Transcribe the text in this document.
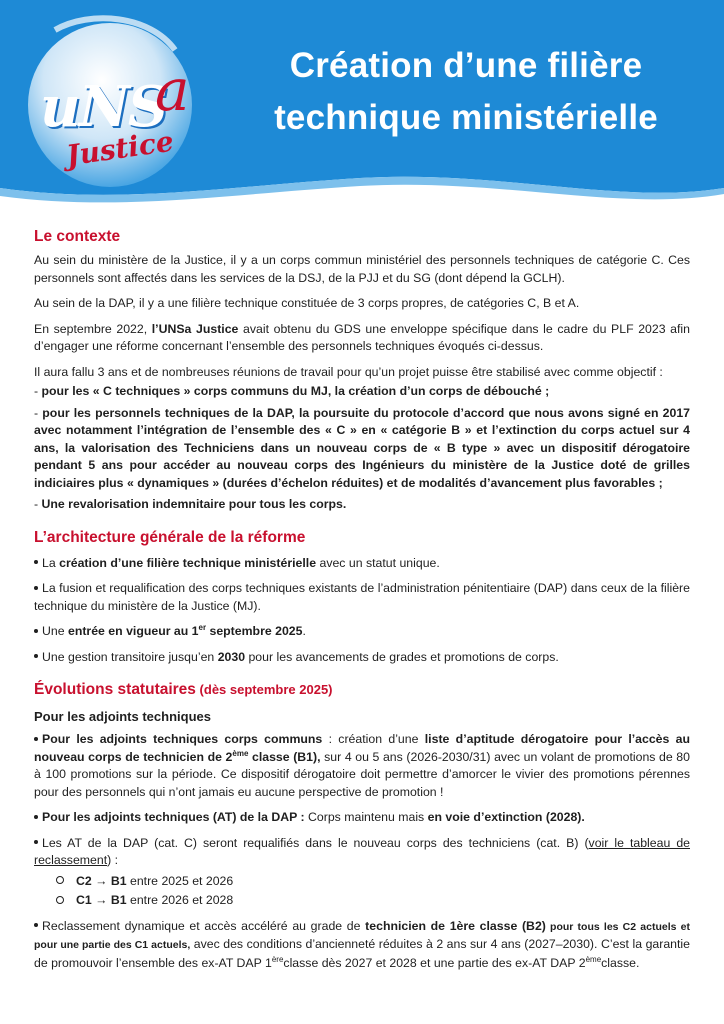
uNS
a
Justice
Création d’une filière
technique ministérielle
Le contexte

Au sein du ministère de la Justice, il y a un corps commun ministériel des personnels techniques de catégorie C. Ces personnels sont affectés dans les services de la DSJ, de la PJJ et du SG (dont dépend la GCLH).

Au sein de la DAP, il y a une filière technique constituée de 3 corps propres, de catégories C, B et A.

En septembre 2022, l’UNSa Justice avait obtenu du GDS une enveloppe spécifique dans le cadre du PLF 2023 afin d’engager une réforme concernant l’ensemble des personnels techniques évoqués ci-dessus.

Il aura fallu 3 ans et de nombreuses réunions de travail pour qu’un projet puisse être stabilisé avec comme objectif :

- pour les « C techniques » corps communs du MJ, la création d’un corps de débouché ;

- pour les personnels techniques de la DAP, la poursuite du protocole d’accord que nous avons signé en 2017 avec notamment l’intégration de l’ensemble des « C » en « catégorie B » et l’extinction du corps actuel sur 4 ans, la valorisation des Techniciens dans un nouveau corps de « B type » avec un dispositif dérogatoire pendant 5 ans pour accéder au nouveau corps des Ingénieurs du ministère de la Justice doté de grilles indiciaires plus « dynamiques » (durées d’échelon réduites) et de modalités d’avancement plus favorables ;

- Une revalorisation indemnitaire pour tous les corps.

L’architecture générale de la réforme

La création d’une filière technique ministérielle avec un statut unique.

La fusion et requalification des corps techniques existants de l’administration pénitentiaire (DAP) dans ceux de la filière technique du ministère de la Justice (MJ).

Une entrée en vigueur au 1er septembre 2025.

Une gestion transitoire jusqu’en 2030 pour les avancements de grades et promotions de corps.

Évolutions statutaires (dès septembre 2025)
Pour les adjoints techniques

Pour les adjoints techniques corps communs : création d’une liste d’aptitude dérogatoire pour l’accès au nouveau corps de technicien de 2ème classe (B1), sur 4 ou 5 ans (2026-2030/31) avec un volant de promotions de 80 à 100 promotions sur la période. Ce dispositif dérogatoire doit permettre d’amorcer le vivier des promotions pérennes pour des personnels qui n’ont jamais eu aucune perspective de promotion !

Pour les adjoints techniques (AT) de la DAP : Corps maintenu mais en voie d’extinction (2028).

Les AT de la DAP (cat. C) seront requalifiés dans le nouveau corps des techniciens (cat. B) (voir le tableau de reclassement) :

C2 → B1 entre 2025 et 2026

C1 → B1 entre 2026 et 2028

Reclassement dynamique et accès accéléré au grade de technicien de 1ère classe (B2) pour tous les C2 actuels et pour une partie des C1 actuels, avec des conditions d’ancienneté réduites à 2 ans sur 4 ans (2027–2030). C’est la garantie de promouvoir l’ensemble des ex-AT DAP 1èreclasse dès 2027 et 2028 et une partie des ex-AT DAP 2èmeclasse.
